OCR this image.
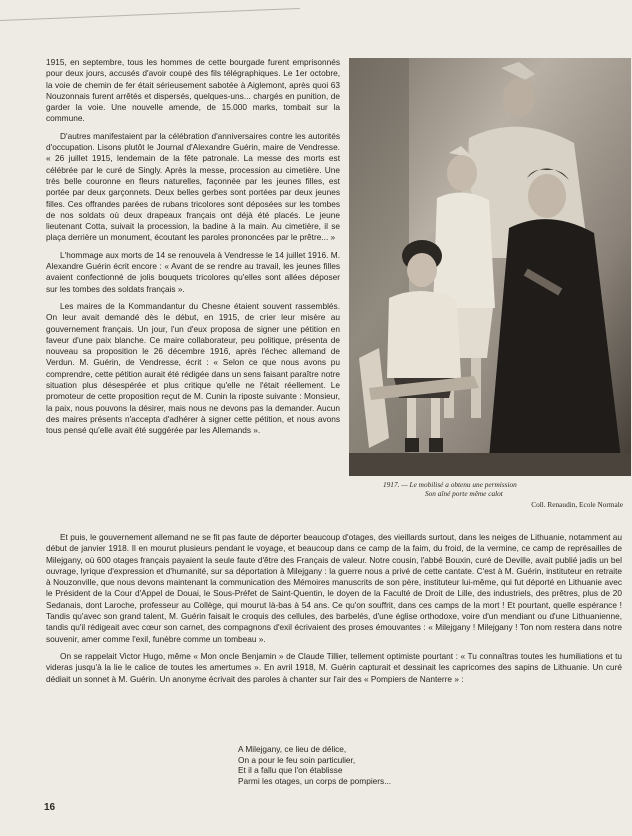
1915, en septembre, tous les hommes de cette bourgade furent emprisonnés pour deux jours, accusés d'avoir coupé des fils télégraphiques. Le 1er octobre, la voie de chemin de fer était sérieusement sabotée à Aiglemont, après quoi 63 Nouzonnais furent arrêtés et dispersés, quelques-uns... chargés en punition, de garder la voie. Une nouvelle amende, de 15.000 marks, tombait sur la commune.

D'autres manifestaient par la célébration d'anniversaires contre les autorités d'occupation. Lisons plutôt le Journal d'Alexandre Guérin, maire de Vendresse. « 26 juillet 1915, lendemain de la fête patronale. La messe des morts est célébrée par le curé de Singly. Après la messe, procession au cimetière. Une très belle couronne en fleurs naturelles, façonnée par les jeunes filles, est portée par deux garçonnets. Deux belles gerbes sont portées par deux jeunes filles. Ces offrandes parées de rubans tricolores sont déposées sur les tombes de nos soldats où deux drapeaux français ont déjà été placés. Le jeune lieutenant Cotta, suivait la procession, la badine à la main. Au cimetière, il se plaça derrière un monument, écoutant les paroles prononcées par le prêtre... »

L'hommage aux morts de 14 se renouvela à Vendresse le 14 juillet 1916. M. Alexandre Guérin écrit encore : « Avant de se rendre au travail, les jeunes filles avaient confectionné de jolis bouquets tricolores qu'elles sont allées déposer sur les tombes des soldats français ».

Les maires de la Kommandantur du Chesne étaient souvent rassemblés. On leur avait demandé dès le début, en 1915, de crier leur misère au gouvernement français. Un jour, l'un d'eux proposa de signer une pétition en faveur d'une paix blanche. Ce maire collaborateur, peu politique, présenta de nouveau sa proposition le 26 décembre 1916, après l'échec allemand de Verdun. M. Guérin, de Vendresse, écrit : « Selon ce que nous avons pu comprendre, cette pétition aurait été rédigée dans un sens faisant paraître notre situation plus désespérée et plus critique qu'elle ne l'était réellement. Le promoteur de cette proposition reçut de M. Cunin la riposte suivante : Monsieur, la paix, nous pouvons la désirer, mais nous ne devons pas la demander. Aucun des maires présents n'accepta d'adhérer à signer cette pétition, et nous avons tous pensé qu'elle avait été suggérée par les Allemands ».

1917. — Le mobilisé a obtenu une permission
Son aîné porte même calot
Coll. Renaudin, Ecole Normale

Et puis, le gouvernement allemand ne se fit pas faute de déporter beaucoup d'otages, des vieillards surtout, dans les neiges de Lithuanie, notamment au début de janvier 1918. Il en mourut plusieurs pendant le voyage, et beaucoup dans ce camp de la faim, du froid, de la vermine, ce camp de représailles de Milejgany, où 600 otages français payaient la seule faute d'être des Français de valeur. Notre cousin, l'abbé Bouxin, curé de Deville, avait publié jadis un bel ouvrage, lyrique d'expression et d'humanité, sur sa déportation à Milejgany : la guerre nous a privé de cette cantate. C'est à M. Guérin, instituteur en retraite à Nouzonville, que nous devons maintenant la communication des Mémoires manuscrits de son père, instituteur lui-même, qui fut déporté en Lithuanie avec le Président de la Cour d'Appel de Douai, le Sous-Préfet de Saint-Quentin, le doyen de la Faculté de Droit de Lille, des industriels, des prêtres, plus de 20 Sedanais, dont Laroche, professeur au Collège, qui mourut là-bas à 54 ans. Ce qu'on souffrit, dans ces camps de la mort ! Et pourtant, quelle espérance ! Tandis qu'avec son grand talent, M. Guérin faisait le croquis des cellules, des barbelés, d'une église orthodoxe, voire d'un mendiant ou d'une Lithuanienne, tandis qu'il rédigeait avec cœur son carnet, des compagnons d'exil écrivaient des proses émouvantes : « Milejgany ! Milejgany ! Ton nom restera dans notre souvenir, amer comme l'exil, funèbre comme un tombeau ».

On se rappelait Victor Hugo, même « Mon oncle Benjamin » de Claude Tillier, tellement optimiste pourtant : « Tu connaîtras toutes les humiliations et tu videras jusqu'à la lie le calice de toutes les amertumes ». En avril 1918, M. Guérin capturait et dessinait les capricornes des sapins de Lithuanie. Un curé dédiait un sonnet à M. Guérin. Un anonyme écrivait des paroles à chanter sur l'air des « Pompiers de Nanterre » :

A Milejgany, ce lieu de délice,
On a pour le feu soin particulier,
Et il a fallu que l'on établisse
Parmi les otages, un corps de pompiers...
16
